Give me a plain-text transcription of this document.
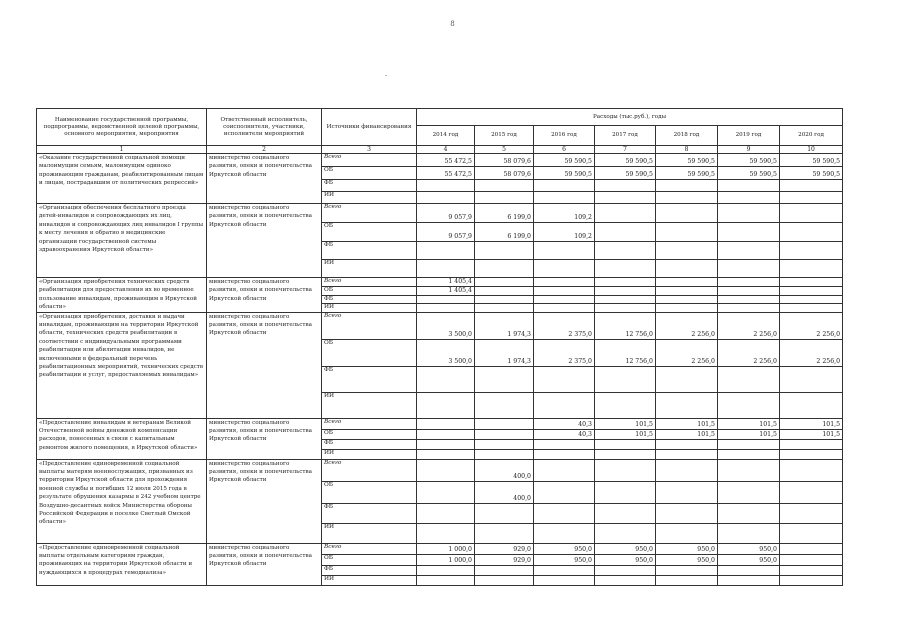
8
Наименование государственной программы, подпрограммы, ведомственной целевой программы, основного мероприятия, мероприятия	Ответственный исполнитель, соисполнители, участники, исполнители мероприятий	Источники финансирования	Расходы (тыс.руб.), годы						
			2014 год	2015 год	2016 год	2017 год	2018 год	2019 год	2020 год
1	2	3	4	5	6	7	8	9	10
«Оказание государственной социальной помощи малоимущим семьям, малоимущим одиноко проживающим гражданам, реабилитированным лицам и лицам, пострадавшим от политических репрессий»	министерство социального развития, опеки и попечительства Иркутской области	Всего	55 472,5	58 079,6	59 590,5	59 590,5	59 590,5	59 590,5	59 590,5
		ОБ	55 472,5	58 079,6	59 590,5	59 590,5	59 590,5	59 590,5	59 590,5
		ФБ							
		ИИ							
«Организация обеспечения бесплатного проезда детей-инвалидов и сопровождающих их лиц, инвалидов и сопровождающих лиц инвалидов I группы к месту лечения и обратно в медицинские организации государственной системы здравоохранения Иркутской области»	министерство социального развития, опеки и попечительства Иркутской области	Всего	9 057,9	6 199,0	109,2				
		ОБ	9 057,9	6 199,0	109,2				
		ФБ							
		ИИ							
«Организация приобретения технических средств реабилитации для предоставления их во временное пользование инвалидам, проживающим в Иркутской области»	министерство социального развития, опеки и попечительства Иркутской области	Всего	1 405,4						
		ОБ	1 405,4						
		ФБ							
		ИИ							
«Организация приобретения, доставки и выдачи инвалидам, проживающим на территории Иркутской области, технических средств реабилитации в соответствии с индивидуальными программами реабилитации или абилитации инвалидов, не включенными в федеральный перечень реабилитационных мероприятий, технических средств реабилитации и услуг, предоставляемых инвалидам»	министерство социального развития, опеки и попечительства Иркутской области	Всего	3 500,0	1 974,3	2 375,0	12 756,0	2 256,0	2 256,0	2 256,0
		ОБ	3 500,0	1 974,3	2 375,0	12 756,0	2 256,0	2 256,0	2 256,0
		ФБ							
		ИИ							
«Предоставление инвалидам и ветеранам Великой Отечественной войны денежной компенсации расходов, понесенных в связи с капитальным ремонтом жилого помещения, в Иркутской области»	министерство социального развития, опеки и попечительства Иркутской области	Всего			40,3	101,5	101,5	101,5	101,5
		ОБ			40,3	101,5	101,5	101,5	101,5
		ФБ							
		ИИ							
«Предоставление единовременной социальной выплаты матерям военнослужащих, призванных из территории Иркутской области для прохождения военной службы и погибших 12 июля 2015 года в результате обрушения казармы в 242 учебном центре Воздушно-десантных войск Министерства обороны Российской Федерации в поселке Светлый Омской области»	министерство социального развития, опеки и попечительства Иркутской области	Всего		400,0					
		ОБ		400,0					
		ФБ							
		ИИ							
«Предоставление единовременной социальной выплаты отдельным категориям граждан, проживающих на территории Иркутской области и нуждающихся в процедурах гемодиализа»	министерство социального развития, опеки и попечительства Иркутской области	Всего	1 000,0	929,0	950,0	950,0	950,0	950,0	
		ОБ	1 000,0	929,0	950,0	950,0	950,0	950,0	
		ФБ							
		ИИ							
